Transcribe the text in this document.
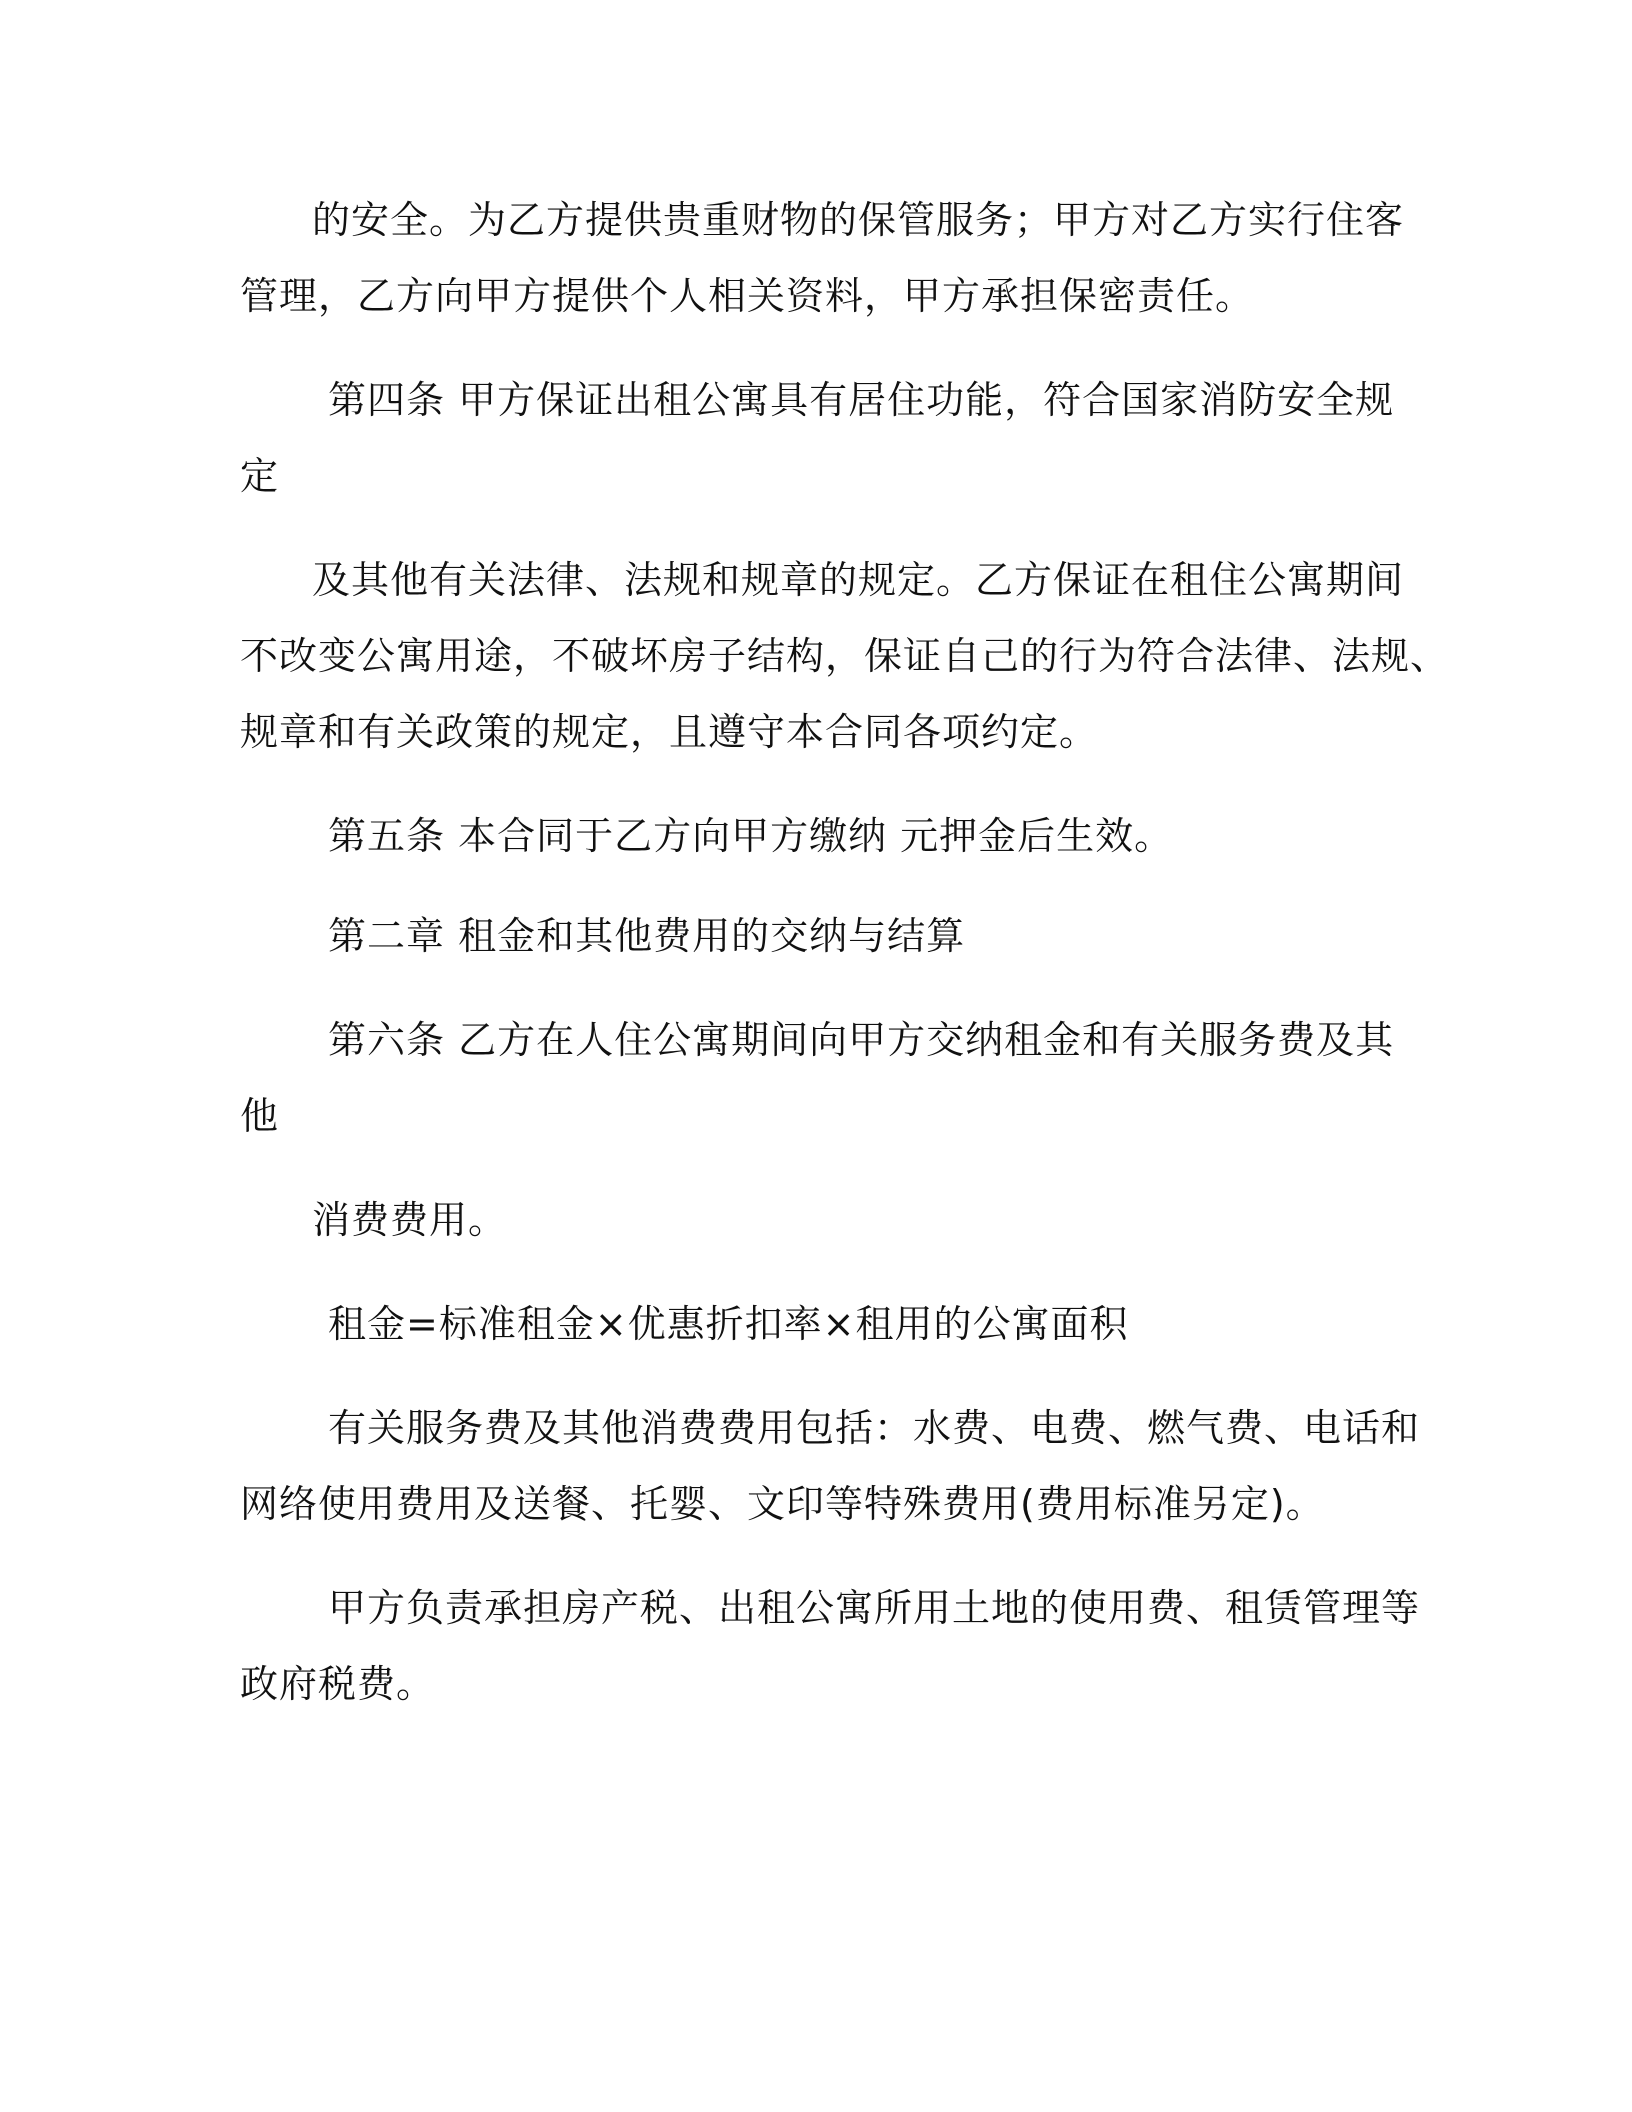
的安全。为乙方提供贵重财物的保管服务；甲方对乙方实行住客
管理，乙方向甲方提供个人相关资料，甲方承担保密责任。
第四条 甲方保证出租公寓具有居住功能，符合国家消防安全规
定
及其他有关法律、法规和规章的规定。乙方保证在租住公寓期间
不改变公寓用途，不破坏房子结构，保证自己的行为符合法律、法规、
规章和有关政策的规定，且遵守本合同各项约定。
第五条 本合同于乙方向甲方缴纳 元押金后生效。
第二章 租金和其他费用的交纳与结算
第六条 乙方在人住公寓期间向甲方交纳租金和有关服务费及其
他
消费费用。
租金=标准租金×优惠折扣率×租用的公寓面积
有关服务费及其他消费费用包括：水费、电费、燃气费、电话和
网络使用费用及送餐、托婴、文印等特殊费用(费用标准另定)。
甲方负责承担房产税、出租公寓所用土地的使用费、租赁管理等
政府税费。
